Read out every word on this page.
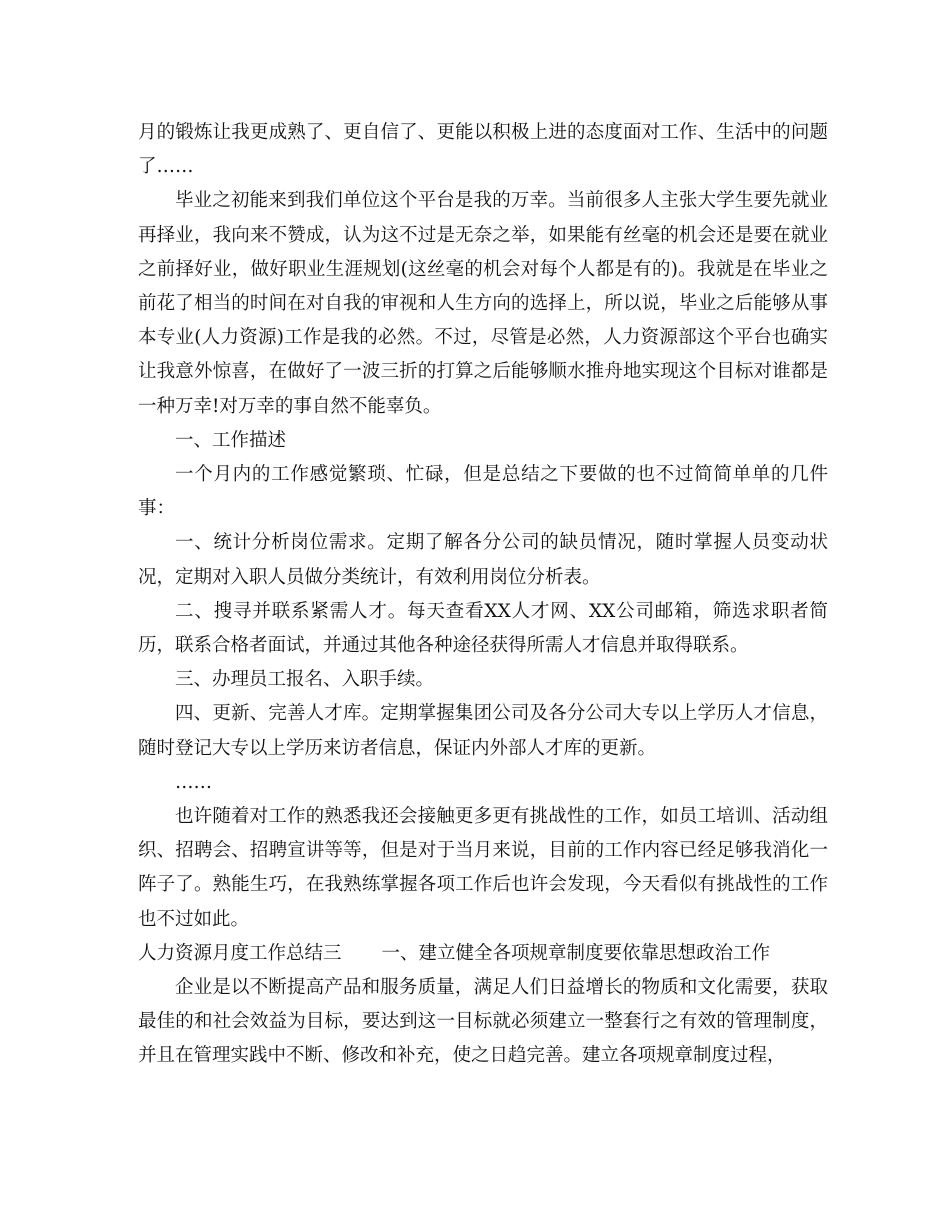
月的锻炼让我更成熟了、更自信了、更能以积极上进的态度面对工作、生活中的问题了……

毕业之初能来到我们单位这个平台是我的万幸。当前很多人主张大学生要先就业再择业，我向来不赞成，认为这不过是无奈之举，如果能有丝毫的机会还是要在就业之前择好业，做好职业生涯规划(这丝毫的机会对每个人都是有的)。我就是在毕业之前花了相当的时间在对自我的审视和人生方向的选择上，所以说，毕业之后能够从事本专业(人力资源)工作是我的必然。不过，尽管是必然，人力资源部这个平台也确实让我意外惊喜，在做好了一波三折的打算之后能够顺水推舟地实现这个目标对谁都是一种万幸!对万幸的事自然不能辜负。

一、工作描述

一个月内的工作感觉繁琐、忙碌，但是总结之下要做的也不过简简单单的几件事：

一、统计分析岗位需求。定期了解各分公司的缺员情况，随时掌握人员变动状况，定期对入职人员做分类统计，有效利用岗位分析表。

二、搜寻并联系紧需人才。每天查看XX人才网、XX公司邮箱，筛选求职者简历，联系合格者面试，并通过其他各种途径获得所需人才信息并取得联系。

三、办理员工报名、入职手续。

四、更新、完善人才库。定期掌握集团公司及各分公司大专以上学历人才信息，随时登记大专以上学历来访者信息，保证内外部人才库的更新。

……

也许随着对工作的熟悉我还会接触更多更有挑战性的工作，如员工培训、活动组织、招聘会、招聘宣讲等等，但是对于当月来说，目前的工作内容已经足够我消化一阵子了。熟能生巧，在我熟练掌握各项工作后也许会发现，今天看似有挑战性的工作也不过如此。

人力资源月度工作总结三 一、建立健全各项规章制度要依靠思想政治工作

企业是以不断提高产品和服务质量，满足人们日益增长的物质和文化需要，获取最佳的和社会效益为目标，要达到这一目标就必须建立一整套行之有效的管理制度，并且在管理实践中不断、修改和补充，使之日趋完善。建立各项规章制度过程，
